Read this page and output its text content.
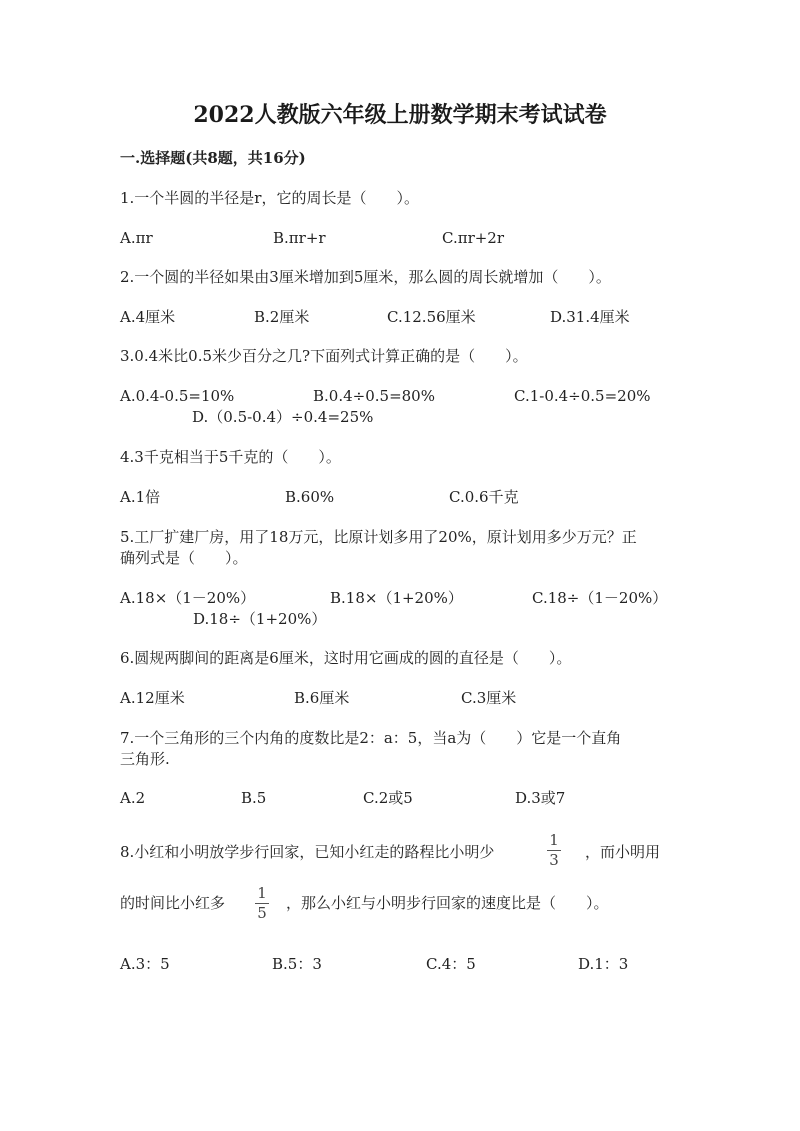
2022人教版六年级上册数学期末考试试卷
一.选择题(共8题，共16分)
1.一个半圆的半径是r，它的周长是（　　）。
A.πr	B.πr+r	C.πr+2r
2.一个圆的半径如果由3厘米增加到5厘米，那么圆的周长就增加（　　）。
A.4厘米	B.2厘米	C.12.56厘米	D.31.4厘米
3.0.4米比0.5米少百分之几?下面列式计算正确的是（　　）。
A.0.4-0.5=10%	B.0.4÷0.5=80%	C.1-0.4÷0.5=20%
D.（0.5-0.4）÷0.4=25%
4.3千克相当于5千克的（　　）。
A.1倍	B.60%	C.0.6千克
5.工厂扩建厂房，用了18万元，比原计划多用了20%，原计划用多少万元？正
确列式是（　　）。
A.18×（1－20%）	B.18×（1+20%）	C.18÷（1－20%）
D.18÷（1+20%）
6.圆规两脚间的距离是6厘米，这时用它画成的圆的直径是（　　）。
A.12厘米	B.6厘米	C.3厘米
7.一个三角形的三个内角的度数比是2：a：5，当a为（　　）它是一个直角
三角形.
A.2	B.5	C.2或5	D.3或7
8.小红和小明放学步行回家，已知小红走的路程比小明少
1
3	，而小明用
的时间比小红多
1
5
，那么小红与小明步行回家的速度比是（　　）。
A.3：5	B.5：3	C.4：5	D.1：3
